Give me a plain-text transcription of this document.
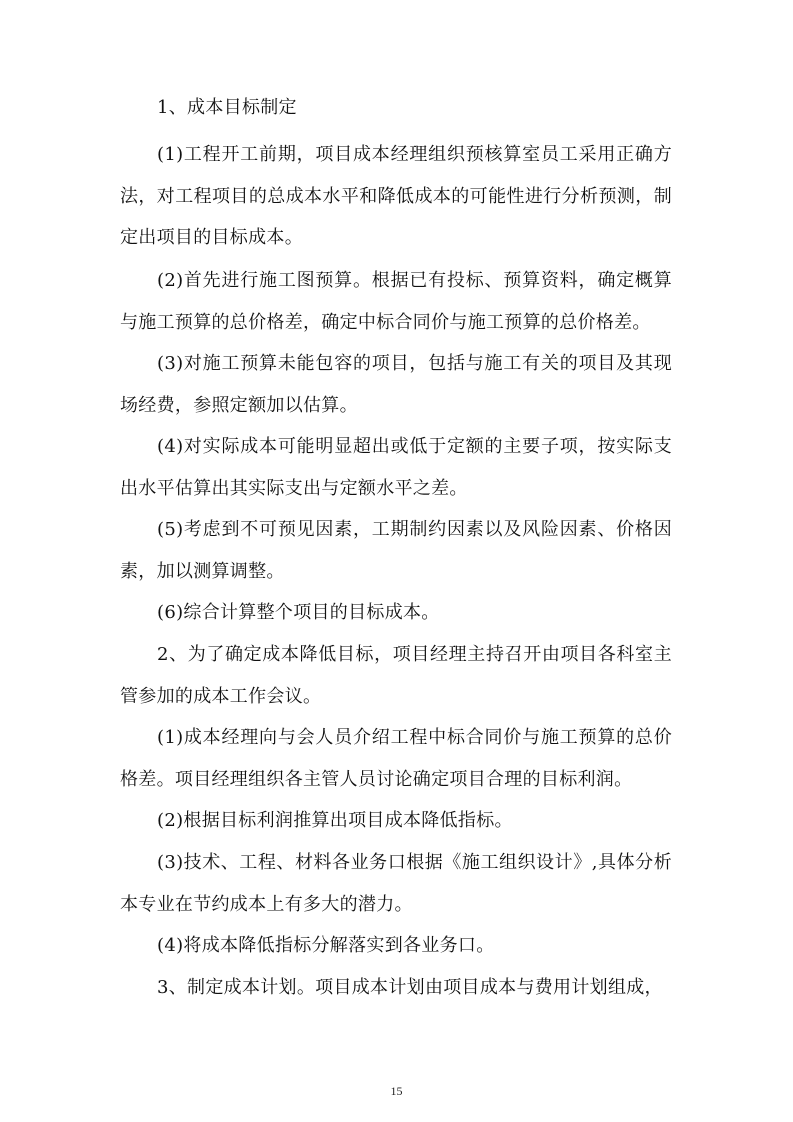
1、成本目标制定

(1)工程开工前期，项目成本经理组织预核算室员工采用正确方法，对工程项目的总成本水平和降低成本的可能性进行分析预测，制定出项目的目标成本。

(2)首先进行施工图预算。根据已有投标、预算资料，确定概算与施工预算的总价格差，确定中标合同价与施工预算的总价格差。

(3)对施工预算未能包容的项目，包括与施工有关的项目及其现场经费，参照定额加以估算。

(4)对实际成本可能明显超出或低于定额的主要子项，按实际支出水平估算出其实际支出与定额水平之差。

(5)考虑到不可预见因素，工期制约因素以及风险因素、价格因素，加以测算调整。

(6)综合计算整个项目的目标成本。

2、为了确定成本降低目标，项目经理主持召开由项目各科室主管参加的成本工作会议。

(1)成本经理向与会人员介绍工程中标合同价与施工预算的总价格差。项目经理组织各主管人员讨论确定项目合理的目标利润。

(2)根据目标利润推算出项目成本降低指标。

(3)技术、工程、材料各业务口根据《施工组织设计》,具体分析本专业在节约成本上有多大的潜力。

(4)将成本降低指标分解落实到各业务口。

3、制定成本计划。项目成本计划由项目成本与费用计划组成，

15
